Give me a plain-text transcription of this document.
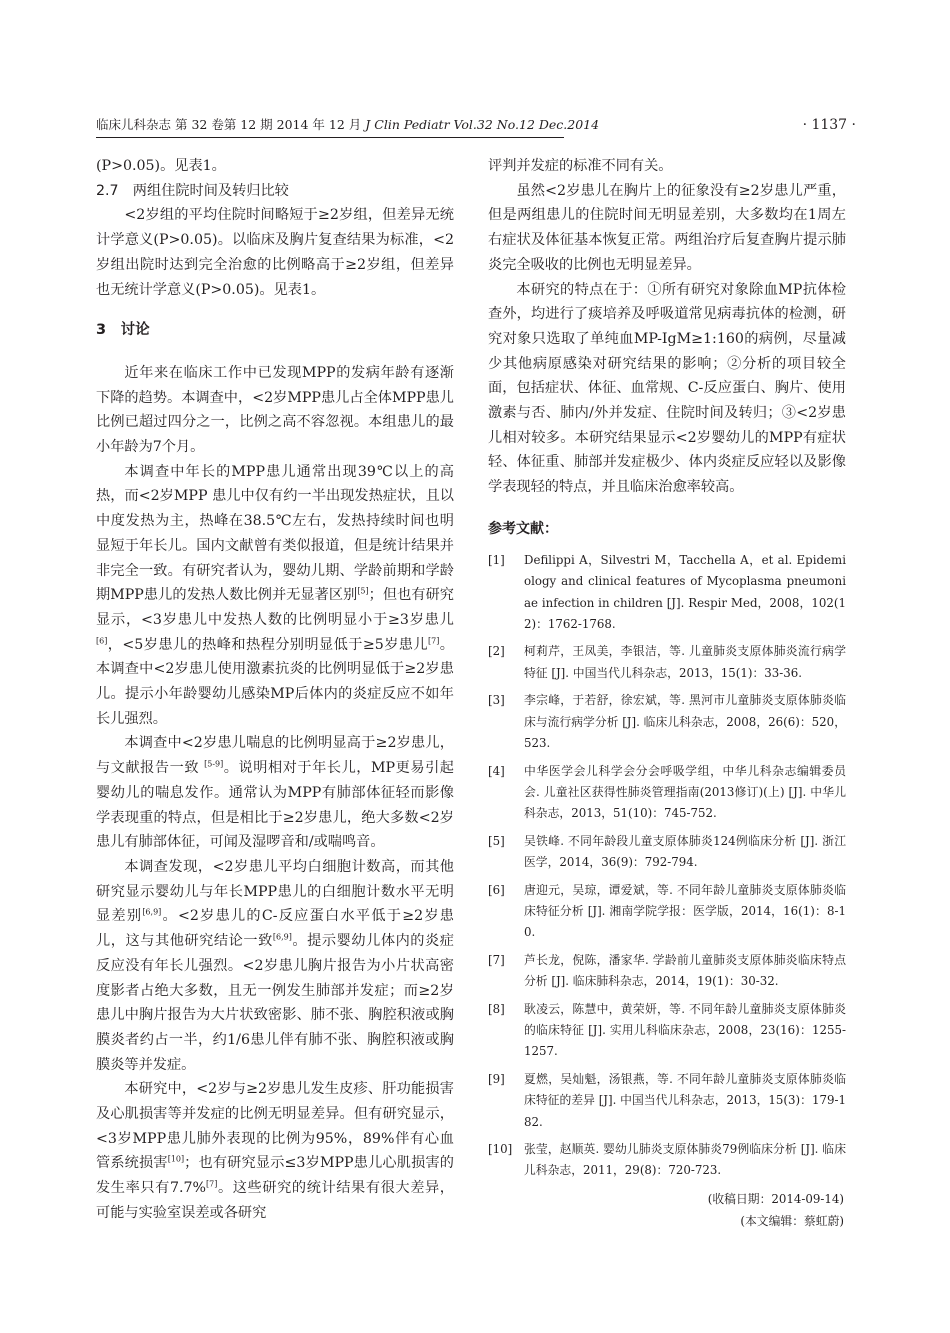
临床儿科杂志 第 32 卷第 12 期 2014 年 12 月 J Clin Pediatr Vol.32 No.12 Dec.2014	· 1137 ·

(P>0.05)。见表1。

2.7　两组住院时间及转归比较

<2岁组的平均住院时间略短于≥2岁组，但差异无统计学意义(P>0.05)。以临床及胸片复查结果为标准，<2岁组出院时达到完全治愈的比例略高于≥2岁组，但差异也无统计学意义(P>0.05)。见表1。

3　讨论

近年来在临床工作中已发现MPP的发病年龄有逐渐下降的趋势。本调查中，<2岁MPP患儿占全体MPP患儿比例已超过四分之一，比例之高不容忽视。本组患儿的最小年龄为7个月。

本调查中年长的MPP患儿通常出现39℃以上的高热，而<2岁MPP 患儿中仅有约一半出现发热症状，且以中度发热为主，热峰在38.5℃左右，发热持续时间也明显短于年长儿。国内文献曾有类似报道，但是统计结果并非完全一致。有研究者认为，婴幼儿期、学龄前期和学龄期MPP患儿的发热人数比例并无显著区别[5]；但也有研究显示，<3岁患儿中发热人数的比例明显小于≥3岁患儿[6]，<5岁患儿的热峰和热程分别明显低于≥5岁患儿[7]。本调查中<2岁患儿使用激素抗炎的比例明显低于≥2岁患儿。提示小年龄婴幼儿感染MP后体内的炎症反应不如年长儿强烈。

本调查中<2岁患儿喘息的比例明显高于≥2岁患儿，与文献报告一致 [5-9]。说明相对于年长儿，MP更易引起婴幼儿的喘息发作。通常认为MPP有肺部体征轻而影像学表现重的特点，但是相比于≥2岁患儿，绝大多数<2岁患儿有肺部体征，可闻及湿啰音和/或喘鸣音。

本调查发现，<2岁患儿平均白细胞计数高，而其他研究显示婴幼儿与年长MPP患儿的白细胞计数水平无明显差别[6,9]。<2岁患儿的C-反应蛋白水平低于≥2岁患儿，这与其他研究结论一致[6,9]。提示婴幼儿体内的炎症反应没有年长儿强烈。<2岁患儿胸片报告为小片状高密度影者占绝大多数，且无一例发生肺部并发症；而≥2岁患儿中胸片报告为大片状致密影、肺不张、胸腔积液或胸膜炎者约占一半，约1/6患儿伴有肺不张、胸腔积液或胸膜炎等并发症。

本研究中，<2岁与≥2岁患儿发生皮疹、肝功能损害及心肌损害等并发症的比例无明显差异。但有研究显示，<3岁MPP患儿肺外表现的比例为95%，89%伴有心血管系统损害[10]；也有研究显示≤3岁MPP患儿心肌损害的发生率只有7.7%[7]。这些研究的统计结果有很大差异，可能与实验室误差或各研究

评判并发症的标准不同有关。

虽然<2岁患儿在胸片上的征象没有≥2岁患儿严重，但是两组患儿的住院时间无明显差别，大多数均在1周左右症状及体征基本恢复正常。两组治疗后复查胸片提示肺炎完全吸收的比例也无明显差异。

本研究的特点在于：①所有研究对象除血MP抗体检查外，均进行了痰培养及呼吸道常见病毒抗体的检测，研究对象只选取了单纯血MP-IgM≥1:160的病例，尽量减少其他病原感染对研究结果的影响；②分析的项目较全面，包括症状、体征、血常规、C-反应蛋白、胸片、使用激素与否、肺内/外并发症、住院时间及转归；③<2岁患儿相对较多。本研究结果显示<2岁婴幼儿的MPP有症状轻、体征重、肺部并发症极少、体内炎症反应轻以及影像学表现轻的特点，并且临床治愈率较高。

参考文献：
[1] Defilippi A，Silvestri M，Tacchella A，et al. Epidemiology and clinical features of Mycoplasma pneumoniae infection in children [J]. Respir Med，2008，102(12)：1762-1768.
[2] 柯莉芹，王凤美，李银洁，等. 儿童肺炎支原体肺炎流行病学特征 [J]. 中国当代儿科杂志，2013，15(1)：33-36.
[3] 李宗峰，于若舒，徐宏斌，等. 黑河市儿童肺炎支原体肺炎临床与流行病学分析 [J]. 临床儿科杂志，2008，26(6)：520，523.
[4] 中华医学会儿科学会分会呼吸学组，中华儿科杂志编辑委员会. 儿童社区获得性肺炎管理指南(2013修订)(上) [J]. 中华儿科杂志，2013，51(10)：745-752.
[5] 吴铁峰. 不同年龄段儿童支原体肺炎124例临床分析 [J]. 浙江医学，2014，36(9)：792-794.
[6] 唐迎元，吴琼，谭爱斌，等. 不同年龄儿童肺炎支原体肺炎临床特征分析 [J]. 湘南学院学报：医学版，2014，16(1)：8-10.
[7] 芦长龙，倪陈，潘家华. 学龄前儿童肺炎支原体肺炎临床特点分析 [J]. 临床肺科杂志，2014，19(1)：30-32.
[8] 耿凌云，陈慧中，黄荣妍，等. 不同年龄儿童肺炎支原体肺炎的临床特征 [J]. 实用儿科临床杂志，2008，23(16)：1255-1257.
[9] 夏燃，吴灿魁，汤银燕，等. 不同年龄儿童肺炎支原体肺炎临床特征的差异 [J]. 中国当代儿科杂志，2013，15(3)：179-182.
[10] 张莹，赵顺英. 婴幼儿肺炎支原体肺炎79例临床分析 [J]. 临床儿科杂志，2011，29(8)：720-723.
(收稿日期：2014-09-14)
(本文编辑：蔡虹蔚)
